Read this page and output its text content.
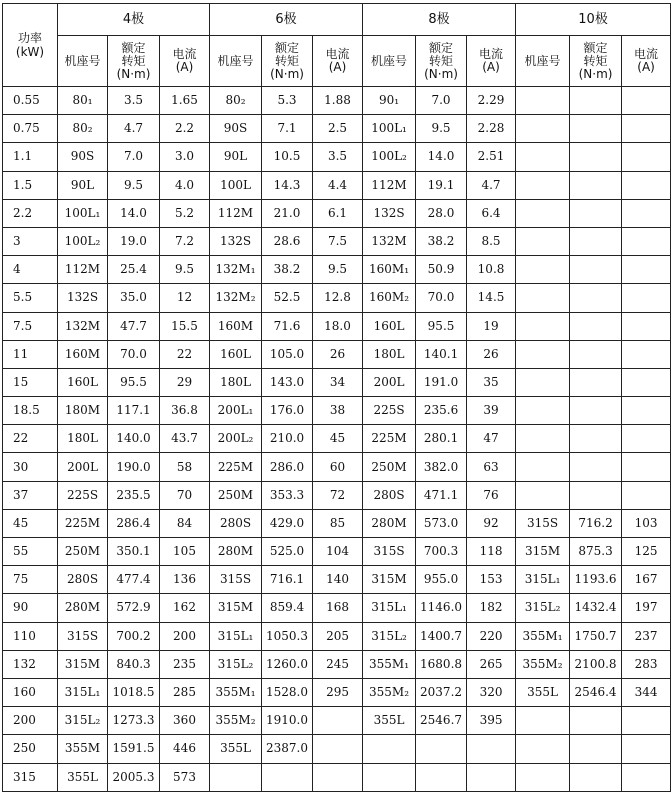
功率
(kW)	4极			6极			8极			10极		
	机座号	额定
转矩
(N·m)	电流
(A)	机座号	额定
转矩
(N·m)	电流
(A)	机座号	额定
转矩
(N·m)	电流
(A)	机座号	额定
转矩
(N·m)	电流
(A)
0.55	80₁	3.5	1.65	80₂	5.3	1.88	90₁	7.0	2.29			
0.75	80₂	4.7	2.2	90S	7.1	2.5	100L₁	9.5	2.28			
1.1	90S	7.0	3.0	90L	10.5	3.5	100L₂	14.0	2.51			
1.5	90L	9.5	4.0	100L	14.3	4.4	112M	19.1	4.7			
2.2	100L₁	14.0	5.2	112M	21.0	6.1	132S	28.0	6.4			
3	100L₂	19.0	7.2	132S	28.6	7.5	132M	38.2	8.5			
4	112M	25.4	9.5	132M₁	38.2	9.5	160M₁	50.9	10.8			
5.5	132S	35.0	12	132M₂	52.5	12.8	160M₂	70.0	14.5			
7.5	132M	47.7	15.5	160M	71.6	18.0	160L	95.5	19			
11	160M	70.0	22	160L	105.0	26	180L	140.1	26			
15	160L	95.5	29	180L	143.0	34	200L	191.0	35			
18.5	180M	117.1	36.8	200L₁	176.0	38	225S	235.6	39			
22	180L	140.0	43.7	200L₂	210.0	45	225M	280.1	47			
30	200L	190.0	58	225M	286.0	60	250M	382.0	63			
37	225S	235.5	70	250M	353.3	72	280S	471.1	76			
45	225M	286.4	84	280S	429.0	85	280M	573.0	92	315S	716.2	103
55	250M	350.1	105	280M	525.0	104	315S	700.3	118	315M	875.3	125
75	280S	477.4	136	315S	716.1	140	315M	955.0	153	315L₁	1193.6	167
90	280M	572.9	162	315M	859.4	168	315L₁	1146.0	182	315L₂	1432.4	197
110	315S	700.2	200	315L₁	1050.3	205	315L₂	1400.7	220	355M₁	1750.7	237
132	315M	840.3	235	315L₂	1260.0	245	355M₁	1680.8	265	355M₂	2100.8	283
160	315L₁	1018.5	285	355M₁	1528.0	295	355M₂	2037.2	320	355L	2546.4	344
200	315L₂	1273.3	360	355M₂	1910.0		355L	2546.7	395			
250	355M	1591.5	446	355L	2387.0							
315	355L	2005.3	573									
